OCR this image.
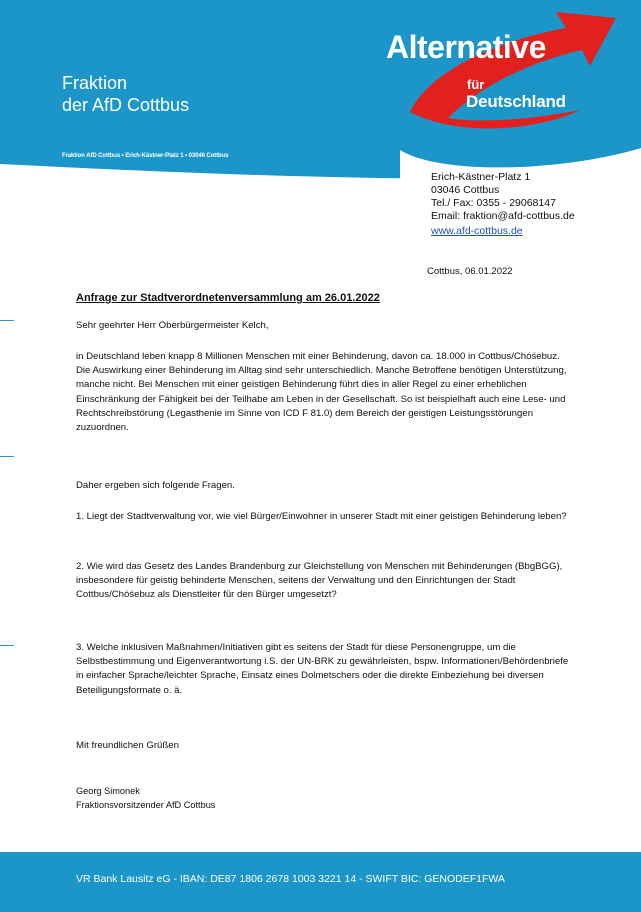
Fraktion
der AfD Cottbus
Fraktion AfD Cottbus • Erich-Kästner-Platz 1 • 03046 Cottbus
Alternative
für
Deutschland
Erich-Kästner-Platz 1
03046 Cottbus
Tel./ Fax: 0355 - 29068147
Email: fraktion@afd-cottbus.de
www.afd-cottbus.de
Cottbus, 06.01.2022
Anfrage zur Stadtverordnetenversammlung am 26.01.2022
Sehr geehrter Herr Oberbürgermeister Kelch,
in Deutschland leben knapp 8 Millionen Menschen mit einer Behinderung, davon ca. 18.000 in Cottbus/Chóśebuz. Die Auswirkung einer Behinderung im Alltag sind sehr unterschiedlich. Manche Betroffene benötigen Unterstützung, manche nicht. Bei Menschen mit einer geistigen Behinderung führt dies in aller Regel zu einer erheblichen Einschränkung der Fähigkeit bei der Teilhabe am Leben in der Gesellschaft. So ist beispielhaft auch eine Lese- und Rechtschreibstörung (Legasthenie im Sinne von ICD F 81.0) dem Bereich der geistigen Leistungsstörungen zuzuordnen.
Daher ergeben sich folgende Fragen.
1. Liegt der Stadtverwaltung vor, wie viel Bürger/Einwohner in unserer Stadt mit einer geistigen Behinderung leben?
2. Wie wird das Gesetz des Landes Brandenburg zur Gleichstellung von Menschen mit Behinderungen (BbgBGG), insbesondere für geistig behinderte Menschen, seitens der Verwaltung und den Einrichtungen der Stadt Cottbus/Chóśebuz als Dienstleiter für den Bürger umgesetzt?
3. Welche inklusiven Maßnahmen/Initiativen gibt es seitens der Stadt für diese Personengruppe, um die Selbstbestimmung und Eigenverantwortung i.S. der UN-BRK zu gewährleisten, bspw. Informationen/Behördenbriefe in einfacher Sprache/leichter Sprache, Einsatz eines Dolmetschers oder die direkte Einbeziehung bei diversen Beteiligungsformate o. ä.
Mit freundlichen Grüßen
Georg Simonek
Fraktionsvorsitzender AfD Cottbus
VR Bank Lausitz eG - IBAN: DE87 1806 2678 1003 3221 14 - SWIFT BIC: GENODEF1FWA
